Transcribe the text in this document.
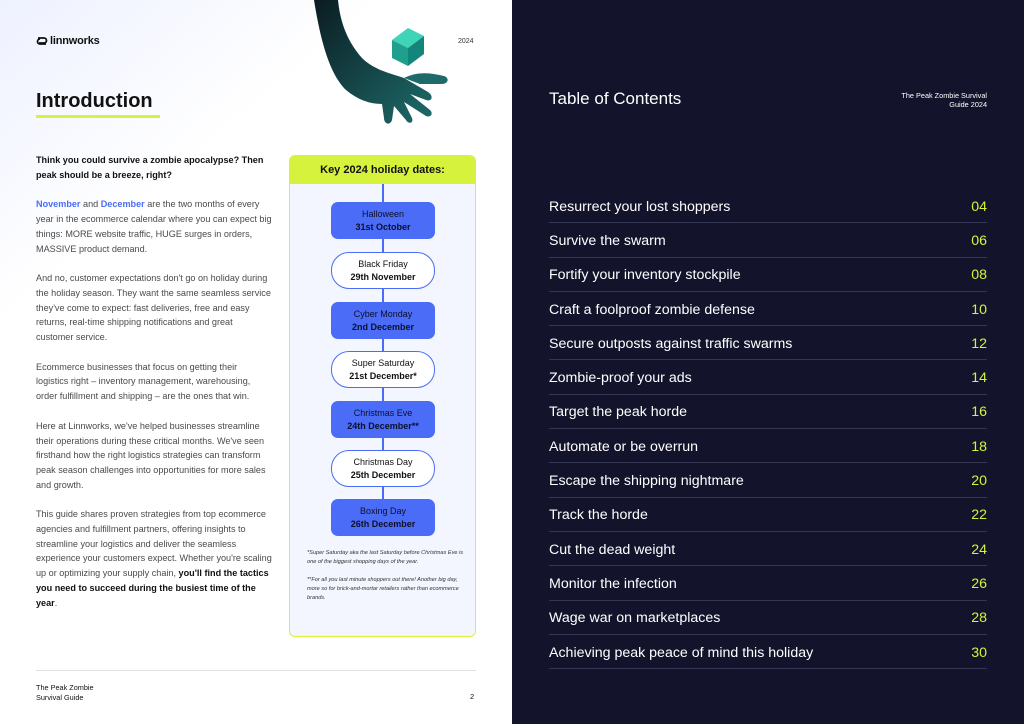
linnworks	2024
Introduction

Think you could survive a zombie apocalypse? Then peak should be a breeze, right?

November and December are the two months of every year in the ecommerce calendar where you can expect big things: MORE website traffic, HUGE surges in orders, MASSIVE product demand.

And no, customer expectations don't go on holiday during the holiday season. They want the same seamless service they've come to expect: fast deliveries, free and easy returns, real-time shipping notifications and great customer service.

Ecommerce businesses that focus on getting their logistics right – inventory management, warehousing, order fulfillment and shipping – are the ones that win.

Here at Linnworks, we've helped businesses streamline their operations during these critical months. We've seen firsthand how the right logistics strategies can transform peak season challenges into opportunities for more sales and growth.

This guide shares proven strategies from top ecommerce agencies and fulfillment partners, offering insights to streamline your logistics and deliver the seamless experience your customers expect. Whether you're scaling up or optimizing your supply chain, you'll find the tactics you need to succeed during the busiest time of the year.

Key 2024 holiday dates:
Halloween
31st October
Black Friday
29th November
Cyber Monday
2nd December
Super Saturday
21st December*
Christmas Eve
24th December**
Christmas Day
25th December
Boxing Day
26th December

*Super Saturday aka the last Saturday before Christmas Eve is one of the biggest shopping days of the year.

**For all you last minute shoppers out there! Another big day, more so for brick-and-mortar retailers rather than ecommerce brands.

The Peak Zombie Survival Guide	2
Table of Contents	The Peak Zombie Survival Guide 2024
Resurrect your lost shoppers	04
Survive the swarm	06
Fortify your inventory stockpile	08
Craft a foolproof zombie defense	10
Secure outposts against traffic swarms	12
Zombie-proof your ads	14
Target the peak horde	16
Automate or be overrun	18
Escape the shipping nightmare	20
Track the horde	22
Cut the dead weight	24
Monitor the infection	26
Wage war on marketplaces	28
Achieving peak peace of mind this holiday	30
